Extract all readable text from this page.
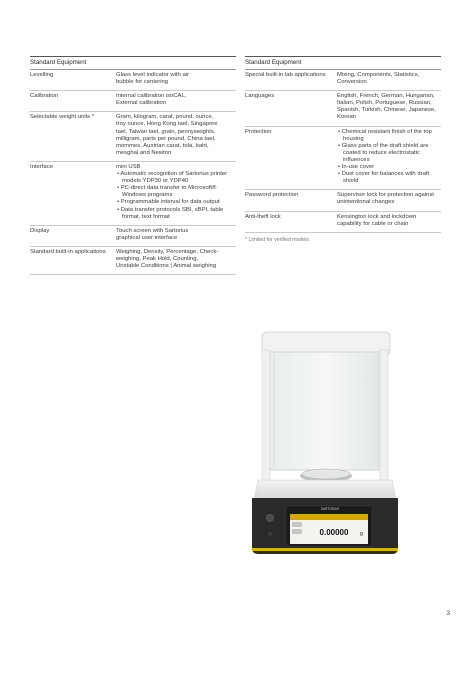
Standard Equipment
Levelling	Glass level indicator with air
bubble for centering
Calibration	Internal calibration isoCAL,
External calibration
Selectable weight units *	Gram, kilogram, carat, pound, ounce,
troy ounce, Hong Kong tael, Singapore
tael, Taiwan tael, grain, pennyweights,
milligram, parts per pound, China tael,
mommes, Austrian carat, tola, baht,
mesghal and Newton
Interface	mini USB
• Automatic recognition of Sartorius printer models YDP30 or YDP40
• PC-direct data transfer to Microsoft® Windows programs
• Programmable interval for data output
• Data transfer protocols SBI, xBPI, table format, text format
Display	Touch screen with Sartorius
graphical user interface
Standard built-in applications	Weighing, Density, Percentage, Check-
weighing, Peak Hold, Counting,
Unstable Conditions | Animal weighing
Standard Equipment
Special built-in lab applications	Mixing, Components, Statistics,
Conversion
Languages	English, French, German, Hungarian,
Italian, Polish, Portuguese, Russian,
Spanish, Turkish, Chinese, Japanese,
Korean
Protection
•	Chemical resistant finish of the top housing
• Glass parts of the draft shield are coated to reduce electrostatic influences
• In-use cover
• Dust cover for balances with draft shield
Password protection	Supervisor lock for protection against
unintentional changes
Anti-theft lock	Kensington lock and lockdown
capability for cable or chain
* Limited for verified models
0.00000 g
SARTORIUS
3
